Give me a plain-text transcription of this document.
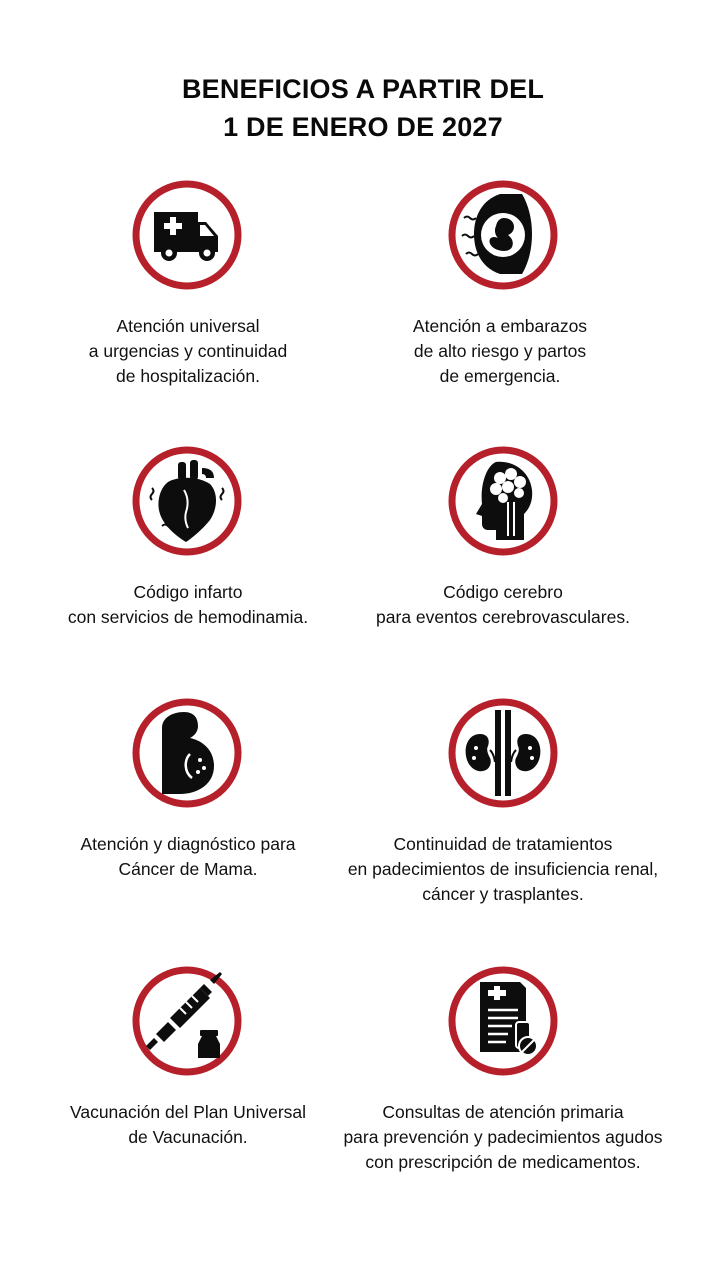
BENEFICIOS A PARTIR DEL
1 DE ENERO DE 2027
Atención universal
a urgencias y continuidad
de hospitalización.
Atención a embarazos
de alto riesgo y partos
de emergencia.
Código infarto
con servicios de hemodinamia.
Código cerebro
para eventos cerebrovasculares.
Atención y diagnóstico para
Cáncer de Mama.
Continuidad de tratamientos
en padecimientos de insuficiencia renal,
cáncer y trasplantes.
Vacunación del Plan Universal
de Vacunación.
Consultas de atención primaria
para prevención y padecimientos agudos
con prescripción de medicamentos.
